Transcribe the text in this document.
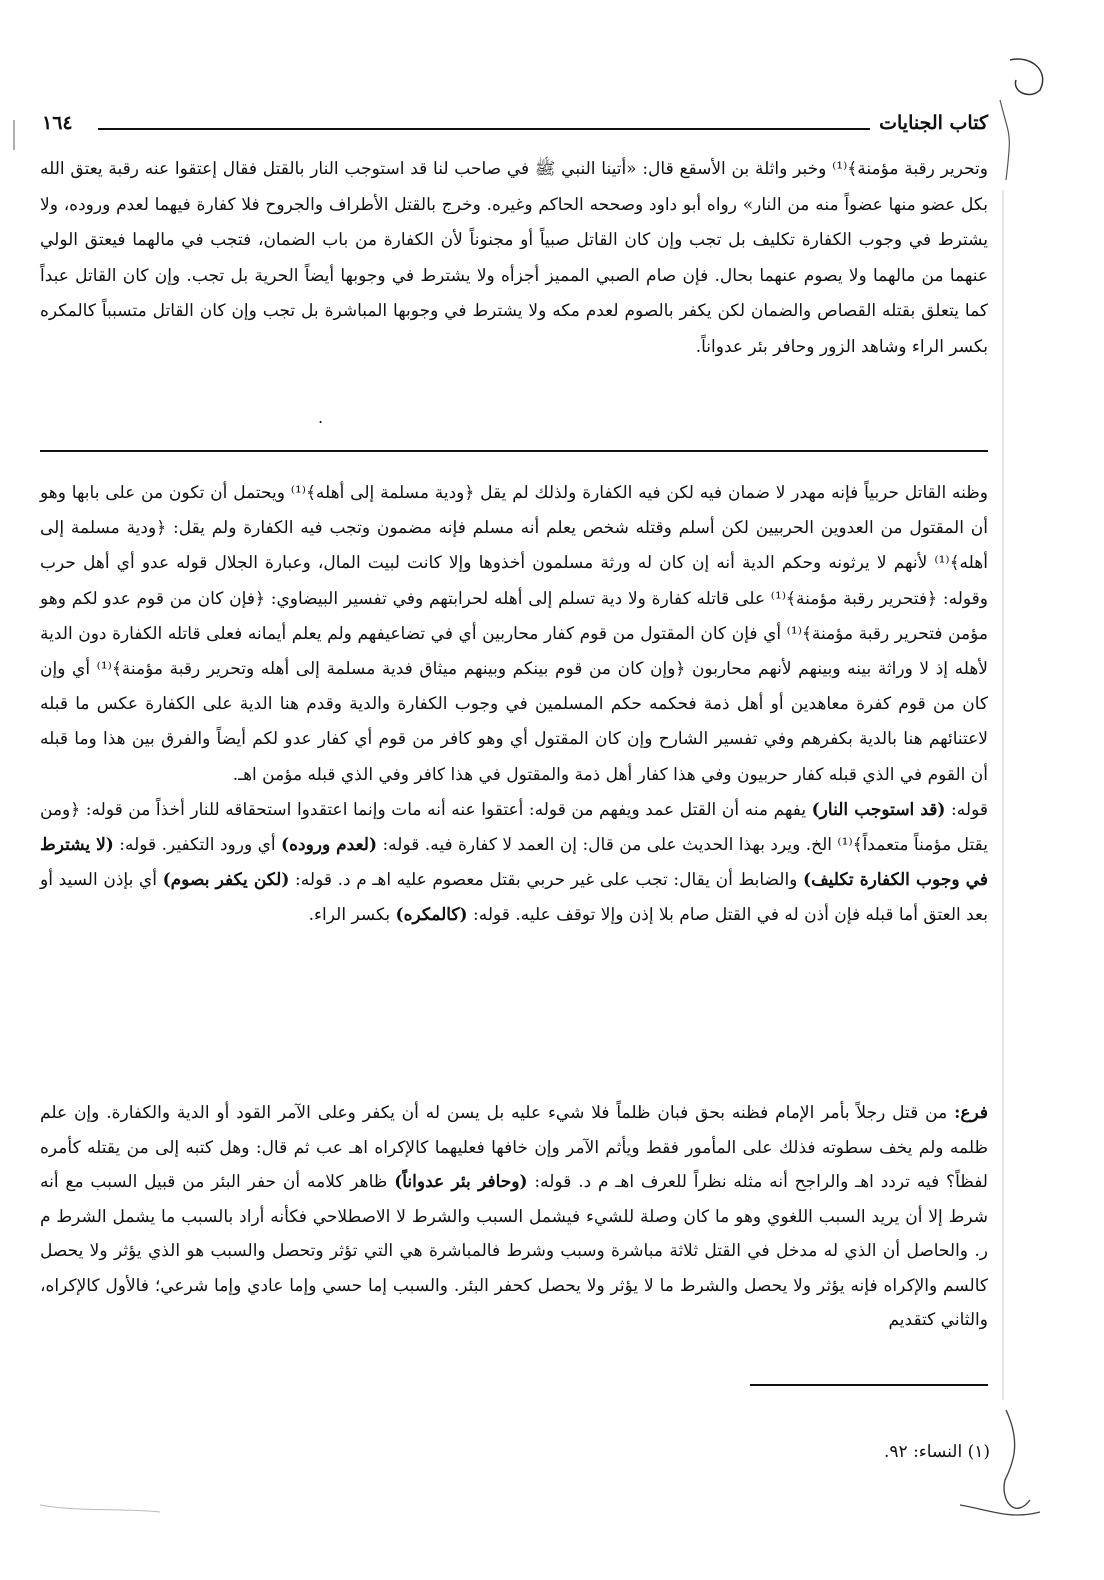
كتاب الجنايات
١٦٤

وتحرير رقبة مؤمنة﴾⁽¹⁾ وخبر واثلة بن الأسقع قال: «أتينا النبي ﷺ في صاحب لنا قد استوجب النار بالقتل فقال إعتقوا عنه رقبة يعتق الله بكل عضو منها عضواً منه من النار» رواه أبو داود وصححه الحاكم وغيره. وخرج بالقتل الأطراف والجروح فلا كفارة فيهما لعدم وروده، ولا يشترط في وجوب الكفارة تكليف بل تجب وإن كان القاتل صبياً أو مجنوناً لأن الكفارة من باب الضمان، فتجب في مالهما فيعتق الولي عنهما من مالهما ولا يصوم عنهما بحال. فإن صام الصبي المميز أجزأه ولا يشترط في وجوبها أيضاً الحرية بل تجب. وإن كان القاتل عبداً كما يتعلق بقتله القصاص والضمان لكن يكفر بالصوم لعدم مكه ولا يشترط في وجوبها المباشرة بل تجب وإن كان القاتل متسبباً كالمكره بكسر الراء وشاهد الزور وحافر بئر عدواناً.

.

وظنه القاتل حربياً فإنه مهدر لا ضمان فيه لكن فيه الكفارة ولذلك لم يقل ﴿ودية مسلمة إلى أهله﴾⁽¹⁾ ويحتمل أن تكون من على بابها وهو أن المقتول من العدوين الحربيين لكن أسلم وقتله شخص يعلم أنه مسلم فإنه مضمون وتجب فيه الكفارة ولم يقل: ﴿ودية مسلمة إلى أهله﴾⁽¹⁾ لأنهم لا يرثونه وحكم الدية أنه إن كان له ورثة مسلمون أخذوها وإلا كانت لبيت المال، وعبارة الجلال قوله عدو أي أهل حرب وقوله: ﴿فتحرير رقبة مؤمنة﴾⁽¹⁾ على قاتله كفارة ولا دية تسلم إلى أهله لحرابتهم وفي تفسير البيضاوي: ﴿فإن كان من قوم عدو لكم وهو مؤمن فتحرير رقبة مؤمنة﴾⁽¹⁾ أي فإن كان المقتول من قوم كفار محاربين أي في تضاعيفهم ولم يعلم أيمانه فعلى قاتله الكفارة دون الدية لأهله إذ لا وراثة بينه وبينهم لأنهم محاربون ﴿وإن كان من قوم بينكم وبينهم ميثاق فدية مسلمة إلى أهله وتحرير رقبة مؤمنة﴾⁽¹⁾ أي وإن كان من قوم كفرة معاهدين أو أهل ذمة فحكمه حكم المسلمين في وجوب الكفارة والدية وقدم هنا الدية على الكفارة عكس ما قبله لاعتنائهم هنا بالدية بكفرهم وفي تفسير الشارح وإن كان المقتول أي وهو كافر من قوم أي كفار عدو لكم أيضاً والفرق بين هذا وما قبله أن القوم في الذي قبله كفار حربيون وفي هذا كفار أهل ذمة والمقتول في هذا كافر وفي الذي قبله مؤمن اهـ.

قوله: (قد استوجب النار) يفهم منه أن القتل عمد ويفهم من قوله: أعتقوا عنه أنه مات وإنما اعتقدوا استحقاقه للنار أخذاً من قوله: ﴿ومن يقتل مؤمناً متعمداً﴾⁽¹⁾ الخ. ويرد بهذا الحديث على من قال: إن العمد لا كفارة فيه. قوله: (لعدم وروده) أي ورود التكفير. قوله: (لا يشترط في وجوب الكفارة تكليف) والضابط أن يقال: تجب على غير حربي بقتل معصوم عليه اهـ م د. قوله: (لكن يكفر بصوم) أي بإذن السيد أو بعد العتق أما قبله فإن أذن له في القتل صام بلا إذن وإلا توقف عليه. قوله: (كالمكره) بكسر الراء.

فرع: من قتل رجلاً بأمر الإمام فظنه بحق فبان ظلماً فلا شيء عليه بل يسن له أن يكفر وعلى الآمر القود أو الدية والكفارة. وإن علم ظلمه ولم يخف سطوته فذلك على المأمور فقط ويأثم الآمر وإن خافها فعليهما كالإكراه اهـ عب ثم قال: وهل كتبه إلى من يقتله كأمره لفظاً؟ فيه تردد اهـ والراجح أنه مثله نظراً للعرف اهـ م د. قوله: (وحافر بئر عدواناً) ظاهر كلامه أن حفر البئر من قبيل السبب مع أنه شرط إلا أن يريد السبب اللغوي وهو ما كان وصلة للشيء فيشمل السبب والشرط لا الاصطلاحي فكأنه أراد بالسبب ما يشمل الشرط م ر. والحاصل أن الذي له مدخل في القتل ثلاثة مباشرة وسبب وشرط فالمباشرة هي التي تؤثر وتحصل والسبب هو الذي يؤثر ولا يحصل كالسم والإكراه فإنه يؤثر ولا يحصل والشرط ما لا يؤثر ولا يحصل كحفر البئر. والسبب إما حسي وإما عادي وإما شرعي؛ فالأول كالإكراه، والثاني كتقديم

(١) النساء: ٩٢.
